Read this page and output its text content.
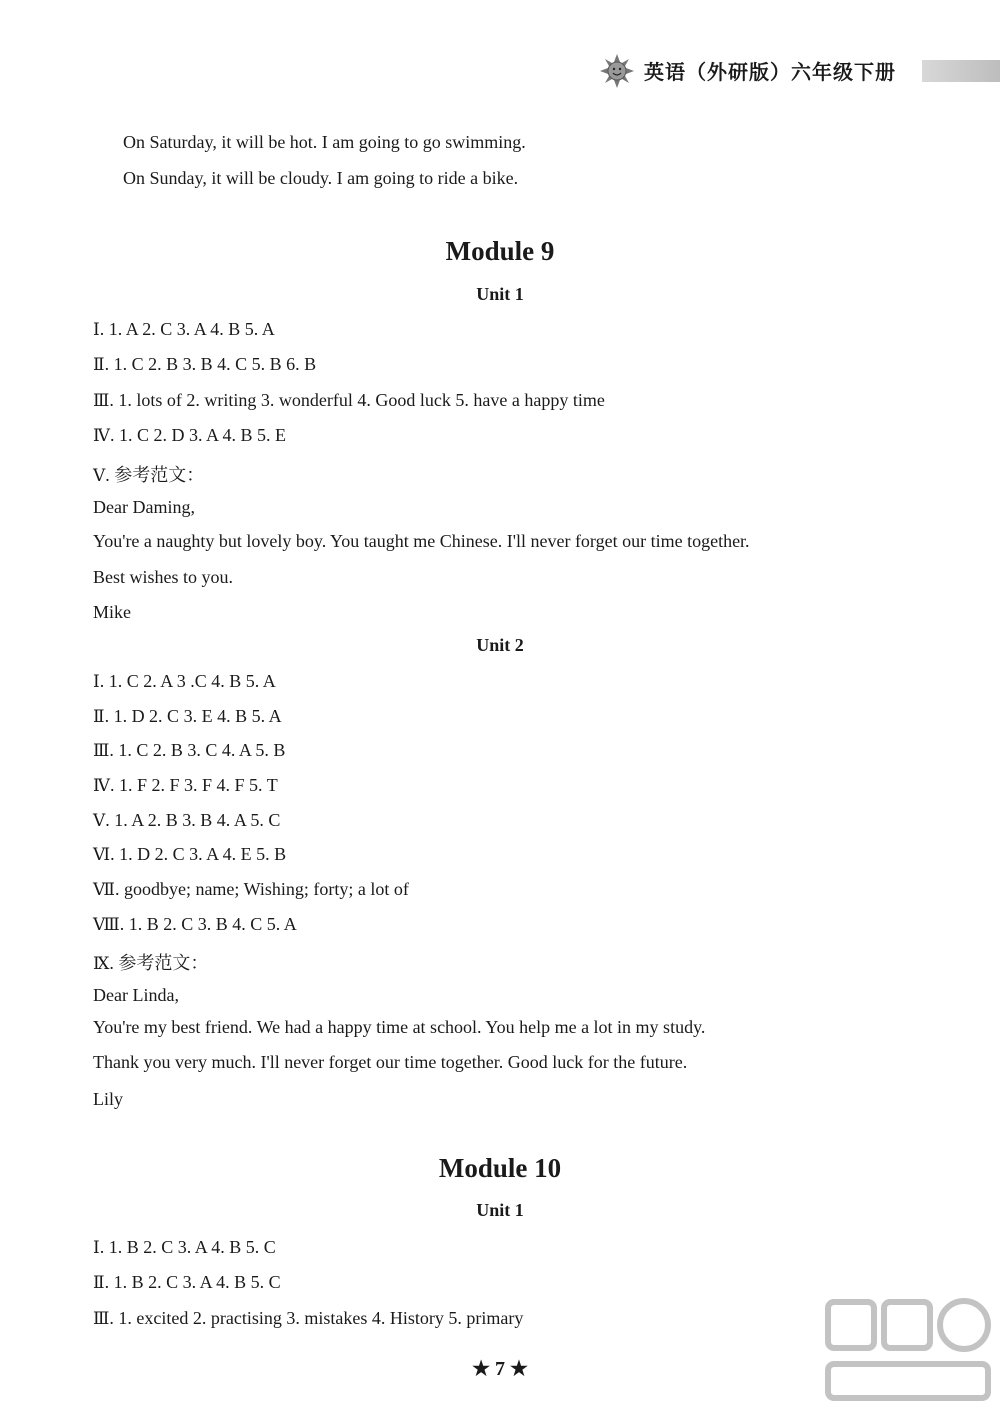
英语（外研版）六年级下册
On Saturday, it will be hot. I am going to go swimming.
On Sunday, it will be cloudy. I am going to ride a bike.
Module 9
Unit 1
Ⅰ. 1. A 2. C 3. A 4. B 5. A
Ⅱ. 1. C 2. B 3. B 4. C 5. B 6. B
Ⅲ. 1. lots of 2. writing 3. wonderful 4. Good luck 5. have a happy time
Ⅳ. 1. C 2. D 3. A 4. B 5. E
Ⅴ. 参考范文：
Dear Daming,
You're a naughty but lovely boy. You taught me Chinese. I'll never forget our time together.
Best wishes to you.
Mike
Unit 2
Ⅰ. 1. C 2. A 3 .C 4. B 5. A
Ⅱ. 1. D 2. C 3. E 4. B 5. A
Ⅲ. 1. C 2. B 3. C 4. A 5. B
Ⅳ. 1. F 2. F 3. F 4. F 5. T
Ⅴ. 1. A 2. B 3. B 4. A 5. C
Ⅵ. 1. D 2. C 3. A 4. E 5. B
Ⅶ. goodbye; name; Wishing; forty; a lot of
Ⅷ. 1. B 2. C 3. B 4. C 5. A
Ⅸ. 参考范文：
Dear Linda,
You're my best friend. We had a happy time at school. You help me a lot in my study.
Thank you very much. I'll never forget our time together. Good luck for the future.
Lily
Module 10
Unit 1
Ⅰ. 1. B 2. C 3. A 4. B 5. C
Ⅱ. 1. B 2. C 3. A 4. B 5. C
Ⅲ. 1. excited 2. practising 3. mistakes 4. History 5. primary
★ 7 ★
